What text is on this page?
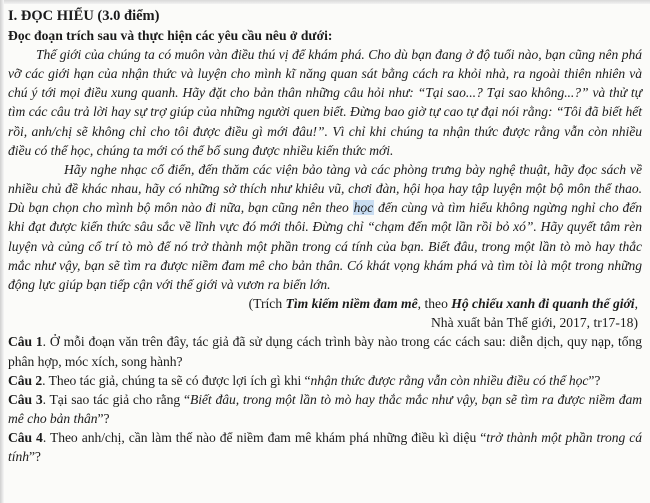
I. ĐỌC HIỂU (3.0 điểm)

Đọc đoạn trích sau và thực hiện các yêu cầu nêu ở dưới:

Thế giới của chúng ta có muôn vàn điều thú vị để khám phá. Cho dù bạn đang ở độ tuổi nào, bạn cũng nên phá vỡ các giới hạn của nhận thức và luyện cho mình kĩ năng quan sát bằng cách ra khỏi nhà, ra ngoài thiên nhiên và chú ý tới mọi điều xung quanh. Hãy đặt cho bản thân những câu hỏi như: “Tại sao...? Tại sao không...?” và thử tự tìm các câu trả lời hay sự trợ giúp của những người quen biết. Đừng bao giờ tự cao tự đại nói rằng: “Tôi đã biết hết rồi, anh/chị sẽ không chỉ cho tôi được điều gì mới đâu!”. Vì chỉ khi chúng ta nhận thức được rằng vẫn còn nhiều điều có thể học, chúng ta mới có thể bổ sung được nhiều kiến thức mới.

Hãy nghe nhạc cổ điển, đến thăm các viện bảo tàng và các phòng trưng bày nghệ thuật, hãy đọc sách về nhiều chủ đề khác nhau, hãy có những sở thích như khiêu vũ, chơi đàn, hội họa hay tập luyện một bộ môn thể thao. Dù bạn chọn cho mình bộ môn nào đi nữa, bạn cũng nên theo học đến cùng và tìm hiểu không ngừng nghỉ cho đến khi đạt được kiến thức sâu sắc về lĩnh vực đó mới thôi. Đừng chỉ “chạm đến một lần rồi bỏ xó”. Hãy quyết tâm rèn luyện và củng cố trí tò mò để nó trở thành một phần trong cá tính của bạn. Biết đâu, trong một lần tò mò hay thắc mắc như vậy, bạn sẽ tìm ra được niềm đam mê cho bản thân. Có khát vọng khám phá và tìm tòi là một trong những động lực giúp bạn tiếp cận với thế giới và vươn ra biển lớn.

(Trích Tìm kiếm niềm đam mê, theo Hộ chiếu xanh đi quanh thế giới,

Nhà xuất bản Thế giới, 2017, tr17-18)

Câu 1. Ở mỗi đoạn văn trên đây, tác giả đã sử dụng cách trình bày nào trong các cách sau: diễn dịch, quy nạp, tổng phân hợp, móc xích, song hành?

Câu 2. Theo tác giả, chúng ta sẽ có được lợi ích gì khi “nhận thức được rằng vẫn còn nhiều điều có thể học”?

Câu 3. Tại sao tác giả cho rằng “Biết đâu, trong một lần tò mò hay thắc mắc như vậy, bạn sẽ tìm ra được niềm đam mê cho bản thân”?

Câu 4. Theo anh/chị, cần làm thế nào để niềm đam mê khám phá những điều kì diệu “trở thành một phần trong cá tính”?
